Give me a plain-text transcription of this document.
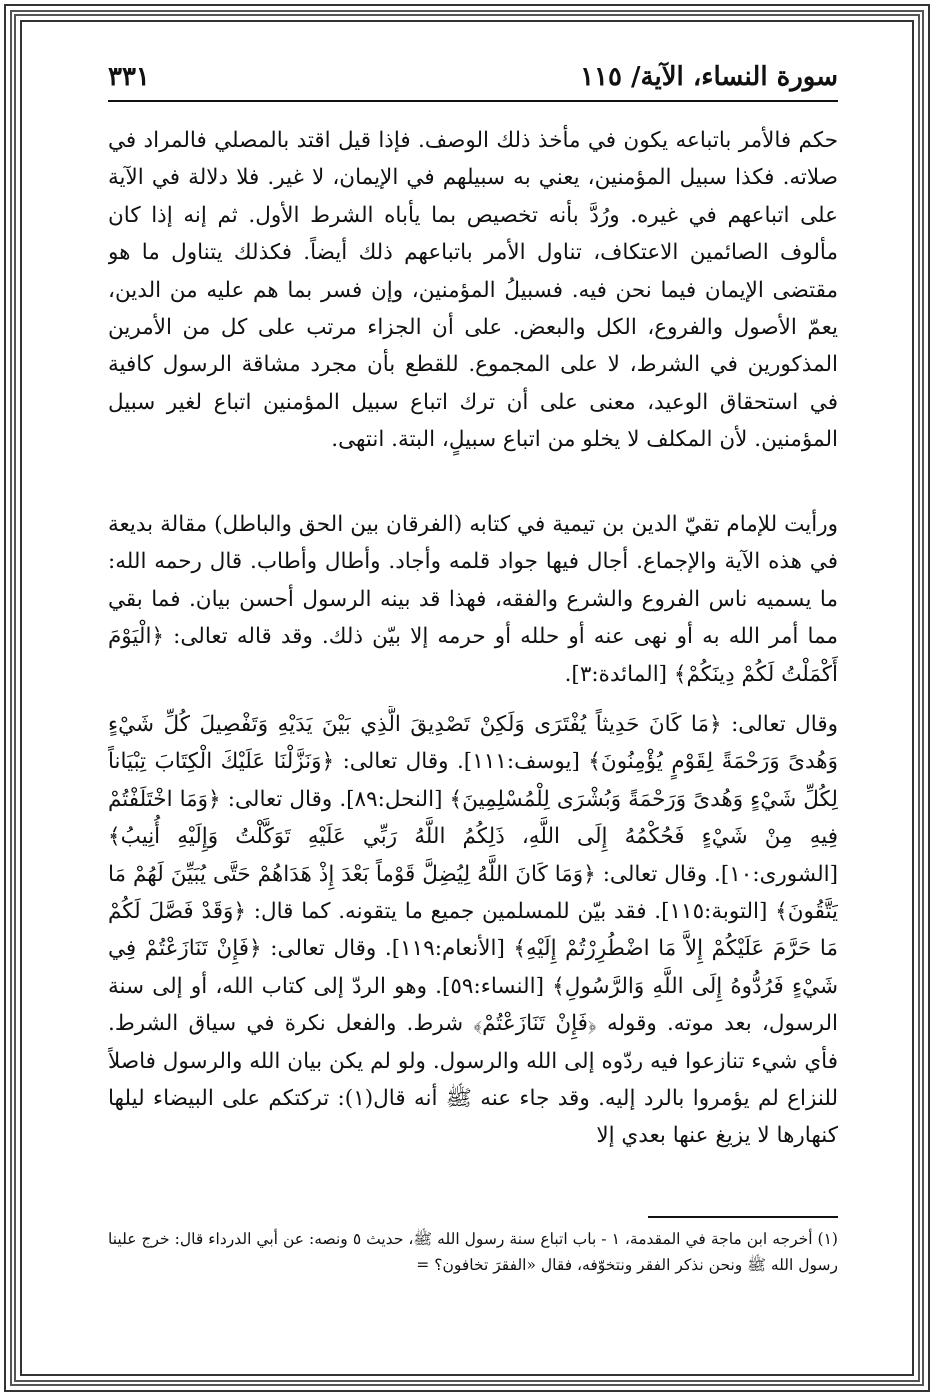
سورة النساء، الآية/ ١١٥
٣٣١

حكم فالأمر باتباعه يكون في مأخذ ذلك الوصف. فإذا قيل اقتد بالمصلي فالمراد في صلاته. فكذا سبيل المؤمنين، يعني به سبيلهم في الإيمان، لا غير. فلا دلالة في الآية على اتباعهم في غيره. ورُدَّ بأنه تخصيص بما يأباه الشرط الأول. ثم إنه إذا كان مألوف الصائمين الاعتكاف، تناول الأمر باتباعهم ذلك أيضاً. فكذلك يتناول ما هو مقتضى الإيمان فيما نحن فيه. فسبيلُ المؤمنين، وإن فسر بما هم عليه من الدين، يعمّ الأصول والفروع، الكل والبعض. على أن الجزاء مرتب على كل من الأمرين المذكورين في الشرط، لا على المجموع. للقطع بأن مجرد مشاقة الرسول كافية في استحقاق الوعيد، معنى على أن ترك اتباع سبيل المؤمنين اتباع لغير سبيل المؤمنين. لأن المكلف لا يخلو من اتباع سبيلٍ، البتة. انتهى.

ورأيت للإمام تقيّ الدين بن تيمية في كتابه (الفرقان بين الحق والباطل) مقالة بديعة في هذه الآية والإجماع. أجال فيها جواد قلمه وأجاد. وأطال وأطاب. قال رحمه الله: ما يسميه ناس الفروع والشرع والفقه، فهذا قد بينه الرسول أحسن بيان. فما بقي مما أمر الله به أو نهى عنه أو حلله أو حرمه إلا بيّن ذلك. وقد قاله تعالى: ﴿الْيَوْمَ أَكْمَلْتُ لَكُمْ دِينَكُمْ﴾ [المائدة:٣].

وقال تعالى: ﴿مَا كَانَ حَدِيثاً يُفْتَرَى وَلَكِنْ تَصْدِيقَ الَّذِي بَيْنَ يَدَيْهِ وَتَفْصِيلَ كُلِّ شَيْءٍ وَهُدىً وَرَحْمَةً لِقَوْمٍ يُؤْمِنُونَ﴾ [يوسف:١١١]. وقال تعالى: ﴿وَنَزَّلْنَا عَلَيْكَ الْكِتَابَ تِبْيَاناً لِكُلِّ شَيْءٍ وَهُدىً وَرَحْمَةً وَبُشْرَى لِلْمُسْلِمِينَ﴾ [النحل:٨٩]. وقال تعالى: ﴿وَمَا اخْتَلَفْتُمْ فِيهِ مِنْ شَيْءٍ فَحُكْمُهُ إِلَى اللَّهِ، ذَلِكُمُ اللَّهُ رَبِّي عَلَيْهِ تَوَكَّلْتُ وَإِلَيْهِ أُنِيبُ﴾ [الشورى:١٠]. وقال تعالى: ﴿وَمَا كَانَ اللَّهُ لِيُضِلَّ قَوْماً بَعْدَ إِذْ هَدَاهُمْ حَتَّى يُبَيِّنَ لَهُمْ مَا يَتَّقُونَ﴾ [التوبة:١١٥]. فقد بيّن للمسلمين جميع ما يتقونه. كما قال: ﴿وَقَدْ فَصَّلَ لَكُمْ مَا حَرَّمَ عَلَيْكُمْ إِلاَّ مَا اضْطُرِرْتُمْ إِلَيْهِ﴾ [الأنعام:١١٩]. وقال تعالى: ﴿فَإِنْ تَنَازَعْتُمْ فِي شَيْءٍ فَرُدُّوهُ إِلَى اللَّهِ وَالرَّسُولِ﴾ [النساء:٥٩]. وهو الردّ إلى كتاب الله، أو إلى سنة الرسول، بعد موته. وقوله ﴿فَإِنْ تَنَازَعْتُمْ﴾ شرط. والفعل نكرة في سياق الشرط. فأي شيء تنازعوا فيه ردّوه إلى الله والرسول. ولو لم يكن بيان الله والرسول فاصلاً للنزاع لم يؤمروا بالرد إليه. وقد جاء عنه ﷺ أنه قال(١): تركتكم على البيضاء ليلها كنهارها لا يزيغ عنها بعدي إلا

(١) أخرجه ابن ماجة في المقدمة، ١ - باب اتباع سنة رسول الله ﷺ، حديث ٥ ونصه: عن أبي الدرداء قال: خرج علينا رسول الله ﷺ ونحن نذكر الفقر ونتخوّفه، فقال «الفقرَ تخافون؟ =
